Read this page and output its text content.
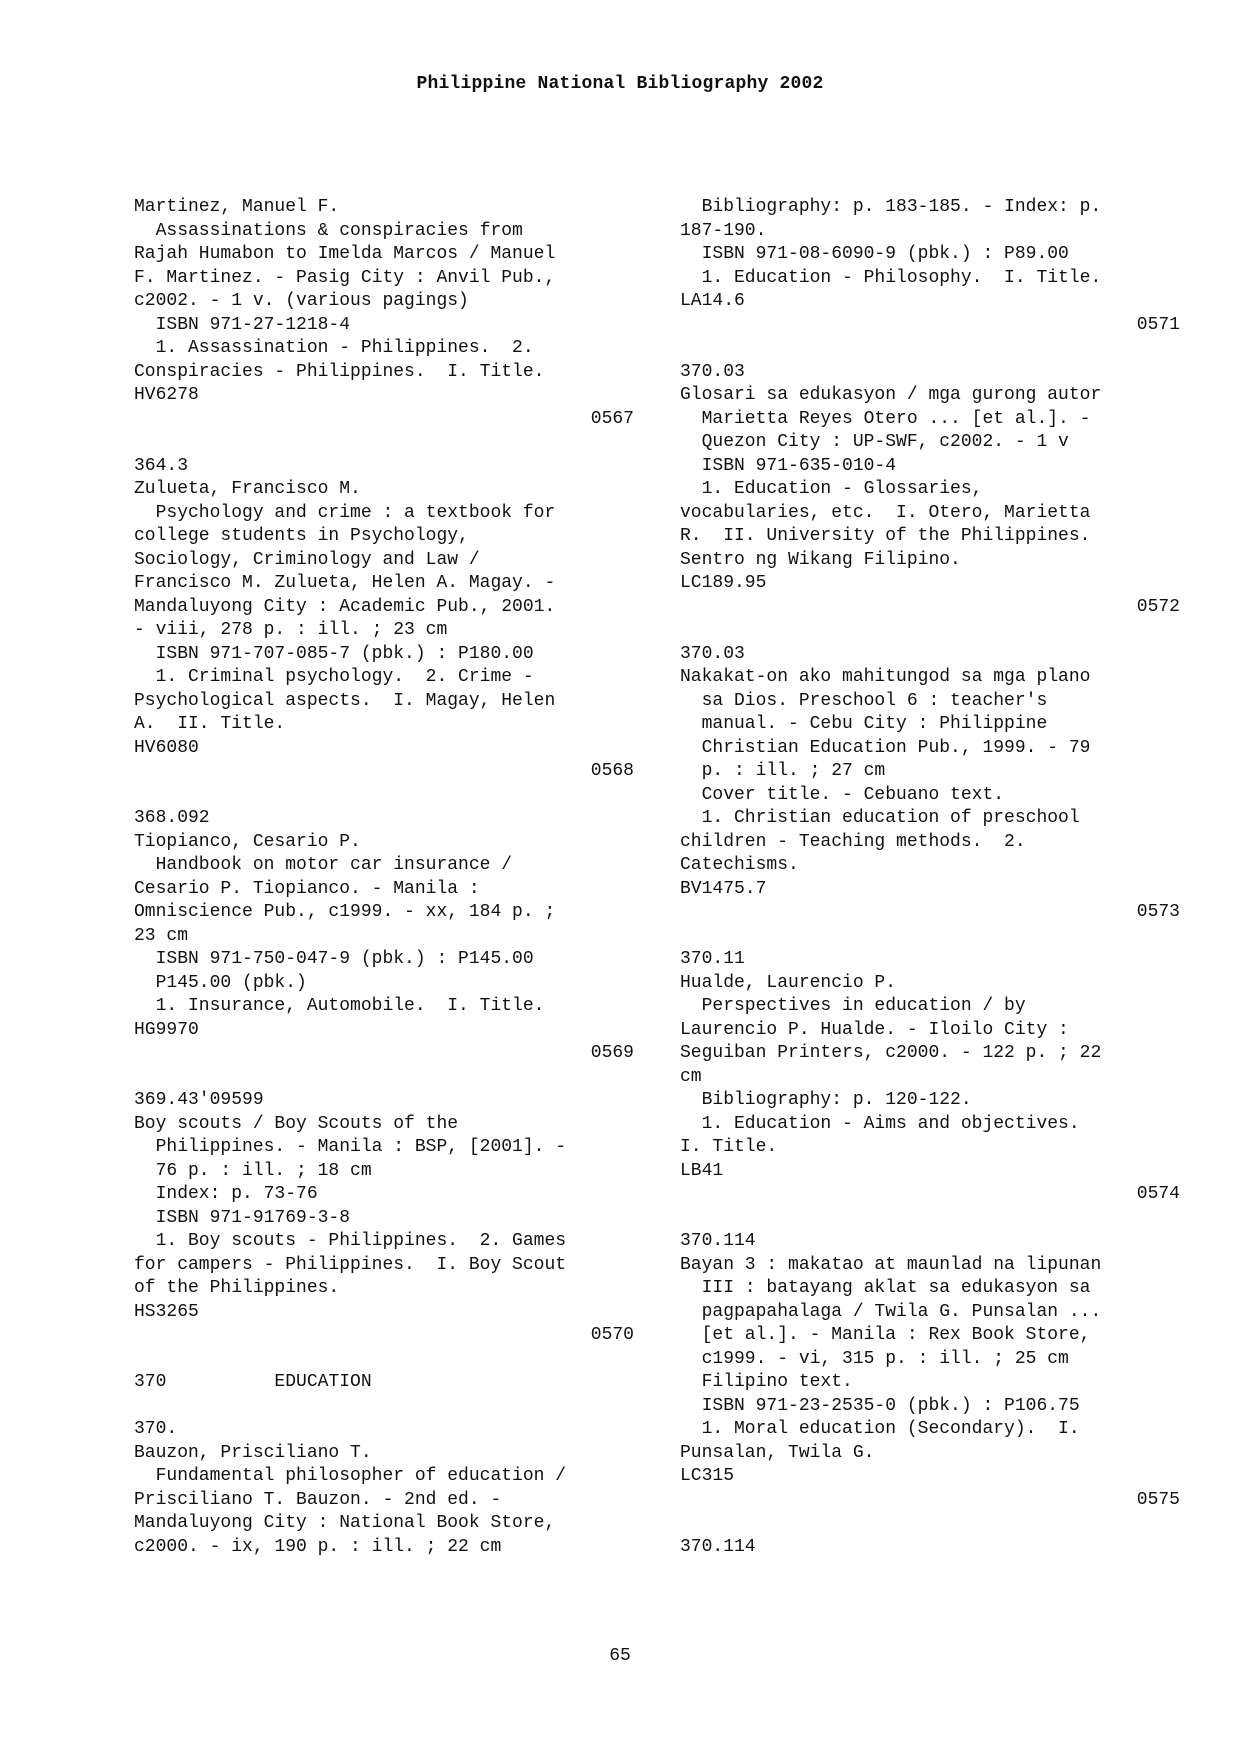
Philippine National Bibliography 2002
Martinez, Manuel F.
Assassinations & conspiracies from
Rajah Humabon to Imelda Marcos / Manuel
F. Martinez. - Pasig City : Anvil Pub.,
c2002. - 1 v. (various pagings)
ISBN 971-27-1218-4
1. Assassination - Philippines.  2.
Conspiracies - Philippines.  I. Title.
HV6278
0567
364.3
Zulueta, Francisco M.
Psychology and crime : a textbook for
college students in Psychology,
Sociology, Criminology and Law /
Francisco M. Zulueta, Helen A. Magay. -
Mandaluyong City : Academic Pub., 2001.
- viii, 278 p. : ill. ; 23 cm
ISBN 971-707-085-7 (pbk.) : P180.00
1. Criminal psychology.  2. Crime -
Psychological aspects.  I. Magay, Helen
A.  II. Title.
HV6080
0568
368.092
Tiopianco, Cesario P.
Handbook on motor car insurance /
Cesario P. Tiopianco. - Manila :
Omniscience Pub., c1999. - xx, 184 p. ;
23 cm
ISBN 971-750-047-9 (pbk.) : P145.00
P145.00 (pbk.)
1. Insurance, Automobile.  I. Title.
HG9970
0569
369.43'09599
Boy scouts / Boy Scouts of the
Philippines. - Manila : BSP, [2001]. -
76 p. : ill. ; 18 cm
Index: p. 73-76
ISBN 971-91769-3-8
1. Boy scouts - Philippines.  2. Games
for campers - Philippines.  I. Boy Scout
of the Philippines.
HS3265
0570
370          EDUCATION
370.
Bauzon, Prisciliano T.
Fundamental philosopher of education /
Prisciliano T. Bauzon. - 2nd ed. -
Mandaluyong City : National Book Store,
c2000. - ix, 190 p. : ill. ; 22 cm
Bibliography: p. 183-185. - Index: p.
187-190.
ISBN 971-08-6090-9 (pbk.) : P89.00
1. Education - Philosophy.  I. Title.
LA14.6
0571
370.03
Glosari sa edukasyon / mga gurong autor
Marietta Reyes Otero ... [et al.]. -
Quezon City : UP-SWF, c2002. - 1 v
ISBN 971-635-010-4
1. Education - Glossaries,
vocabularies, etc.  I. Otero, Marietta
R.  II. University of the Philippines.
Sentro ng Wikang Filipino.
LC189.95
0572
370.03
Nakakat-on ako mahitungod sa mga plano
sa Dios. Preschool 6 : teacher's
manual. - Cebu City : Philippine
Christian Education Pub., 1999. - 79
p. : ill. ; 27 cm
Cover title. - Cebuano text.
1. Christian education of preschool
children - Teaching methods.  2.
Catechisms.
BV1475.7
0573
370.11
Hualde, Laurencio P.
Perspectives in education / by
Laurencio P. Hualde. - Iloilo City :
Seguiban Printers, c2000. - 122 p. ; 22
cm
Bibliography: p. 120-122.
1. Education - Aims and objectives.
I. Title.
LB41
0574
370.114
Bayan 3 : makatao at maunlad na lipunan
III : batayang aklat sa edukasyon sa
pagpapahalaga / Twila G. Punsalan ...
[et al.]. - Manila : Rex Book Store,
c1999. - vi, 315 p. : ill. ; 25 cm
Filipino text.
ISBN 971-23-2535-0 (pbk.) : P106.75
1. Moral education (Secondary).  I.
Punsalan, Twila G.
LC315
0575
370.114
65
